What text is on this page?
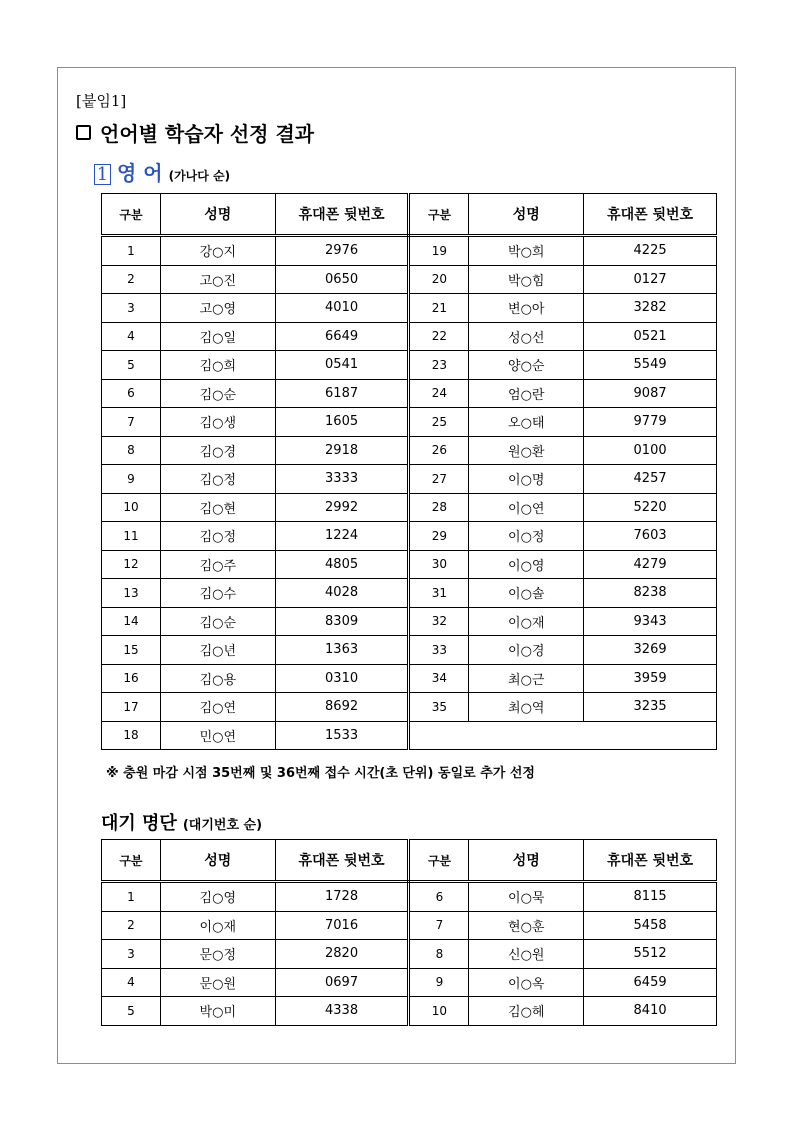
[붙임1]
언어별 학습자 선정 결과
1 영 어 (가나다 순)
구분	성명	휴대폰 뒷번호	구분	성명	휴대폰 뒷번호
1	강○지	2976	19	박○희	4225
2	고○진	0650	20	박○힘	0127
3	고○영	4010	21	변○아	3282
4	김○일	6649	22	성○선	0521
5	김○희	0541	23	양○순	5549
6	김○순	6187	24	엄○란	9087
7	김○생	1605	25	오○태	9779
8	김○경	2918	26	원○환	0100
9	김○정	3333	27	이○명	4257
10	김○현	2992	28	이○연	5220
11	김○정	1224	29	이○정	7603
12	김○주	4805	30	이○영	4279
13	김○수	4028	31	이○솔	8238
14	김○순	8309	32	이○재	9343
15	김○년	1363	33	이○경	3269
16	김○용	0310	34	최○근	3959
17	김○연	8692	35	최○역	3235
18	민○연	1533			
※ 충원 마감 시점 35번째 및 36번째 접수 시간(초 단위) 동일로 추가 선정
대기 명단 (대기번호 순)
구분	성명	휴대폰 뒷번호	구분	성명	휴대폰 뒷번호
1	김○영	1728	6	이○묵	8115
2	이○재	7016	7	현○훈	5458
3	문○정	2820	8	신○원	5512
4	문○원	0697	9	이○옥	6459
5	박○미	4338	10	김○헤	8410
